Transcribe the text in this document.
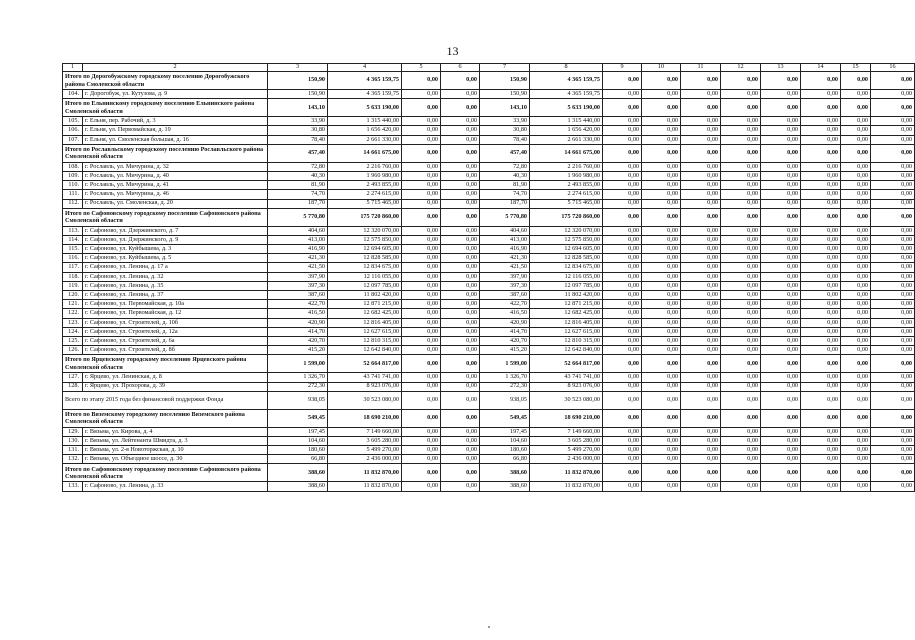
13
1	2	3	4	5	6	7	8	9	10	11	12	13	14	15	16
Итого по Дорогобужскому городскому поселению Дорогобужского района Смоленской области		150,90	4 365 159,75	0,00	0,00	150,90	4 365 159,75	0,00	0,00	0,00	0,00	0,00	0,00	0,00	0,00
104.	г. Дорогобуж, ул. Кутузова, д. 9	150,90	4 365 159,75	0,00	0,00	150,90	4 365 159,75	0,00	0,00	0,00	0,00	0,00	0,00	0,00	0,00
Итого по Ельнинскому городскому поселению Ельнинского района Смоленской области		143,10	5 633 190,00	0,00	0,00	143,10	5 633 190,00	0,00	0,00	0,00	0,00	0,00	0,00	0,00	0,00
105.	г. Ельня, пер. Рабочий, д. 3	33,90	1 315 440,00	0,00	0,00	33,90	1 315 440,00	0,00	0,00	0,00	0,00	0,00	0,00	0,00	0,00
106.	г. Ельня, ул. Первомайская, д. 19	30,80	1 656 420,00	0,00	0,00	30,80	1 656 420,00	0,00	0,00	0,00	0,00	0,00	0,00	0,00	0,00
107.	г. Ельня, ул. Смоленская большая, д. 16	78,40	2 661 330,00	0,00	0,00	78,40	2 661 330,00	0,00	0,00	0,00	0,00	0,00	0,00	0,00	0,00
Итого по Рославльскому городскому поселению Рославльского района Смоленской области		457,40	14 661 675,00	0,00	0,00	457,40	14 661 675,00	0,00	0,00	0,00	0,00	0,00	0,00	0,00	0,00
108.	г. Рославль, ул. Мичурина, д. 32	72,80	2 216 760,00	0,00	0,00	72,80	2 216 760,00	0,00	0,00	0,00	0,00	0,00	0,00	0,00	0,00
109.	г. Рославль, ул. Мичурина, д. 40	40,30	1 960 980,00	0,00	0,00	40,30	1 960 980,00	0,00	0,00	0,00	0,00	0,00	0,00	0,00	0,00
110.	г. Рославль, ул. Мичурина, д. 41	81,90	2 493 855,00	0,00	0,00	81,90	2 493 855,00	0,00	0,00	0,00	0,00	0,00	0,00	0,00	0,00
111.	г. Рославль, ул. Мичурина, д. 46	74,70	2 274 615,00	0,00	0,00	74,70	2 274 615,00	0,00	0,00	0,00	0,00	0,00	0,00	0,00	0,00
112.	г. Рославль, ул. Смоленская, д. 20	187,70	5 715 465,00	0,00	0,00	187,70	5 715 465,00	0,00	0,00	0,00	0,00	0,00	0,00	0,00	0,00
Итого по Сафоновскому городскому поселению Сафоновского района Смоленской области		5 770,80	175 720 860,00	0,00	0,00	5 770,80	175 720 860,00	0,00	0,00	0,00	0,00	0,00	0,00	0,00	0,00
113.	г. Сафоново, ул. Дзержинского, д. 7	404,60	12 320 070,00	0,00	0,00	404,60	12 320 070,00	0,00	0,00	0,00	0,00	0,00	0,00	0,00	0,00
114.	г. Сафоново, ул. Дзержинского, д. 9	413,00	12 575 850,00	0,00	0,00	413,00	12 575 850,00	0,00	0,00	0,00	0,00	0,00	0,00	0,00	0,00
115.	г. Сафоново, ул. Куйбышева, д. 3	416,90	12 694 605,00	0,00	0,00	416,90	12 694 605,00	0,00	0,00	0,00	0,00	0,00	0,00	0,00	0,00
116.	г. Сафоново, ул. Куйбышева, д. 5	421,30	12 828 585,00	0,00	0,00	421,30	12 828 585,00	0,00	0,00	0,00	0,00	0,00	0,00	0,00	0,00
117.	г. Сафоново, ул. Ленина, д. 17 а	421,50	12 834 675,00	0,00	0,00	421,50	12 834 675,00	0,00	0,00	0,00	0,00	0,00	0,00	0,00	0,00
118.	г. Сафоново, ул. Ленина, д. 32	397,90	12 116 055,00	0,00	0,00	397,90	12 116 055,00	0,00	0,00	0,00	0,00	0,00	0,00	0,00	0,00
119.	г. Сафоново, ул. Ленина, д. 35	397,30	12 097 785,00	0,00	0,00	397,30	12 097 785,00	0,00	0,00	0,00	0,00	0,00	0,00	0,00	0,00
120.	г. Сафоново, ул. Ленина, д. 37	387,60	11 802 420,00	0,00	0,00	387,60	11 802 420,00	0,00	0,00	0,00	0,00	0,00	0,00	0,00	0,00
121.	г. Сафоново, ул. Первомайская, д. 10а	422,70	12 871 215,00	0,00	0,00	422,70	12 871 215,00	0,00	0,00	0,00	0,00	0,00	0,00	0,00	0,00
122.	г. Сафоново, ул. Первомайская, д. 12	416,50	12 682 425,00	0,00	0,00	416,50	12 682 425,00	0,00	0,00	0,00	0,00	0,00	0,00	0,00	0,00
123.	г. Сафоново, ул. Строителей, д. 10б	420,90	12 816 405,00	0,00	0,00	420,90	12 816 405,00	0,00	0,00	0,00	0,00	0,00	0,00	0,00	0,00
124.	г. Сафоново, ул. Строителей, д. 12а	414,70	12 627 615,00	0,00	0,00	414,70	12 627 615,00	0,00	0,00	0,00	0,00	0,00	0,00	0,00	0,00
125.	г. Сафоново, ул. Строителей, д. 6а	420,70	12 810 315,00	0,00	0,00	420,70	12 810 315,00	0,00	0,00	0,00	0,00	0,00	0,00	0,00	0,00
126.	г. Сафоново, ул. Строителей, д. 8б	415,20	12 642 840,00	0,00	0,00	415,20	12 642 840,00	0,00	0,00	0,00	0,00	0,00	0,00	0,00	0,00
Итого по Ярцевскому городскому поселению Ярцевского района Смоленской области		1 599,00	52 664 817,00	0,00	0,00	1 599,00	52 664 817,00	0,00	0,00	0,00	0,00	0,00	0,00	0,00	0,00
127.	г. Ярцево, ул. Ленинская, д. 8	1 326,70	43 741 741,00	0,00	0,00	1 326,70	43 741 741,00	0,00	0,00	0,00	0,00	0,00	0,00	0,00	0,00
128.	г. Ярцево, ул. Прохорова, д. 39	272,30	8 923 076,00	0,00	0,00	272,30	8 923 076,00	0,00	0,00	0,00	0,00	0,00	0,00	0,00	0,00
Всего по этапу 2015 года без финансовой поддержки Фонда		938,05	30 523 080,00	0,00	0,00	938,05	30 523 080,00	0,00	0,00	0,00	0,00	0,00	0,00	0,00	0,00
Итого по Вяземскому городскому поселению Вяземского района Смоленской области		549,45	18 690 210,00	0,00	0,00	549,45	18 690 210,00	0,00	0,00	0,00	0,00	0,00	0,00	0,00	0,00
129.	г. Вязьма, ул. Кирова, д. 4	197,45	7 149 660,00	0,00	0,00	197,45	7 149 660,00	0,00	0,00	0,00	0,00	0,00	0,00	0,00	0,00
130.	г. Вязьма, ул. Лейтенанта Шмидта, д. 3	104,60	3 605 280,00	0,00	0,00	104,60	3 605 280,00	0,00	0,00	0,00	0,00	0,00	0,00	0,00	0,00
131.	г. Вязьма, ул. 2-я Новоторжская, д. 10	180,60	5 499 270,00	0,00	0,00	180,60	5 499 270,00	0,00	0,00	0,00	0,00	0,00	0,00	0,00	0,00
132.	г. Вязьма, ул. Объездное шоссе, д. 30	66,80	2 436 000,00	0,00	0,00	66,80	2 436 000,00	0,00	0,00	0,00	0,00	0,00	0,00	0,00	0,00
Итого по Сафоновскому городскому поселению Сафоновского района Смоленской области		388,60	11 832 870,00	0,00	0,00	388,60	11 832 870,00	0,00	0,00	0,00	0,00	0,00	0,00	0,00	0,00
133.	г. Сафоново, ул. Ленина, д. 33	388,60	11 832 870,00	0,00	0,00	388,60	11 832 870,00	0,00	0,00	0,00	0,00	0,00	0,00	0,00	0,00
